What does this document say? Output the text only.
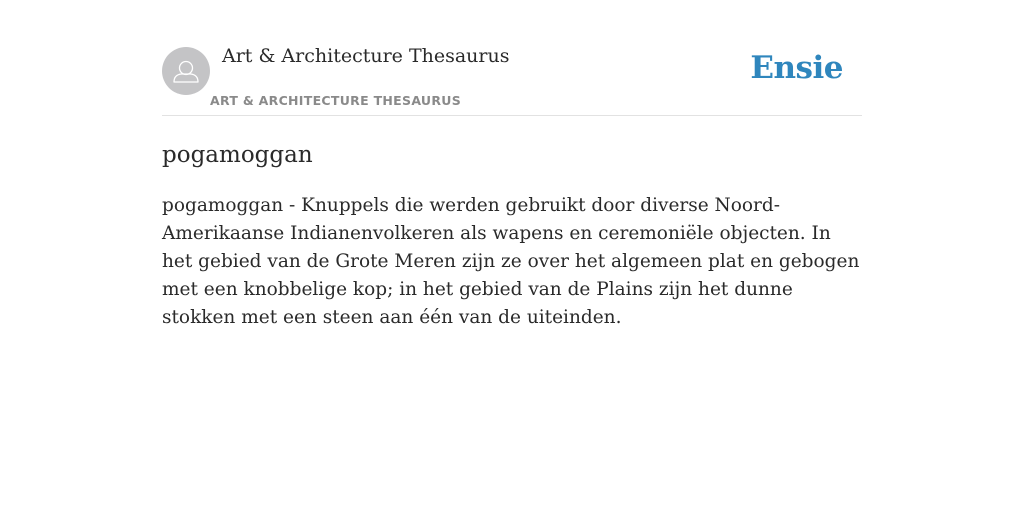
Art & Architecture Thesaurus
ART & ARCHITECTURE THESAURUS
Ensie
pogamoggan

pogamoggan - Knuppels die werden gebruikt door diverse Noord-Amerikaanse Indianenvolkeren als wapens en ceremoniële objecten. In het gebied van de Grote Meren zijn ze over het algemeen plat en gebogen met een knobbelige kop; in het gebied van de Plains zijn het dunne stokken met een steen aan één van de uiteinden.
